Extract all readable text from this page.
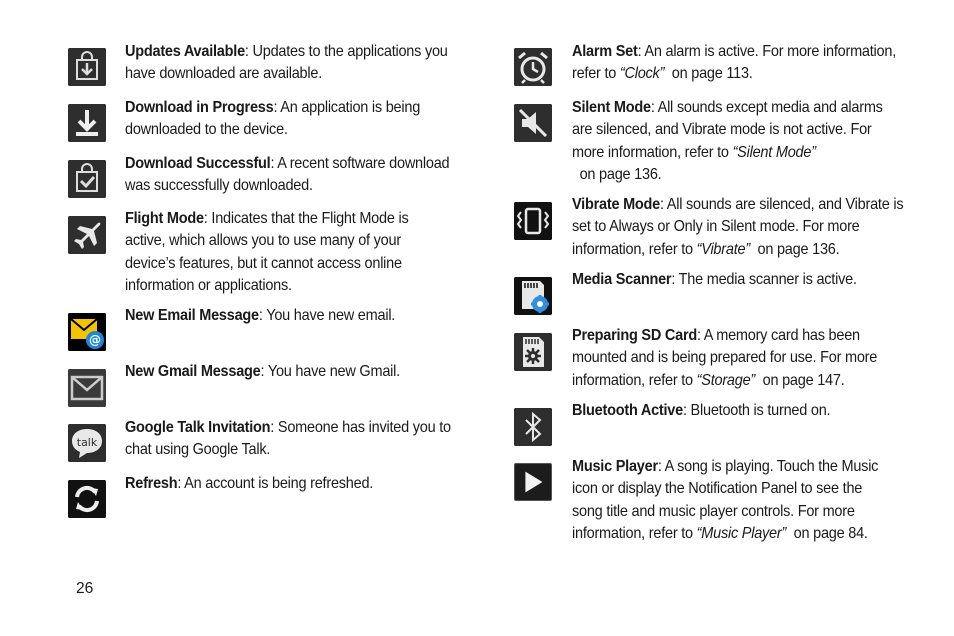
Updates Available: Updates to the applications you have downloaded are available.
Download in Progress: An application is being downloaded to the device.
Download Successful: A recent software download was successfully downloaded.
Flight Mode: Indicates that the Flight Mode is active, which allows you to use many of your device’s features, but it cannot access online information or applications.
@
New Email Message: You have new email.
New Gmail Message: You have new Gmail.
talk
Google Talk Invitation: Someone has invited you to chat using Google Talk.
Refresh: An account is being refreshed.
Alarm Set: An alarm is active. For more information, refer to “Clock”  on page 113.
Silent Mode: All sounds except media and alarms are silenced, and Vibrate mode is not active. For more information, refer to “Silent Mode”  on page 136.
Vibrate Mode: All sounds are silenced, and Vibrate is set to Always or Only in Silent mode. For more information, refer to “Vibrate”  on page 136.
Media Scanner: The media scanner is active.
Preparing SD Card: A memory card has been mounted and is being prepared for use. For more information, refer to “Storage”  on page 147.
Bluetooth Active: Bluetooth is turned on.
Music Player: A song is playing. Touch the Music icon or display the Notification Panel to see the song title and music player controls. For more information, refer to “Music Player”  on page 84.
26
